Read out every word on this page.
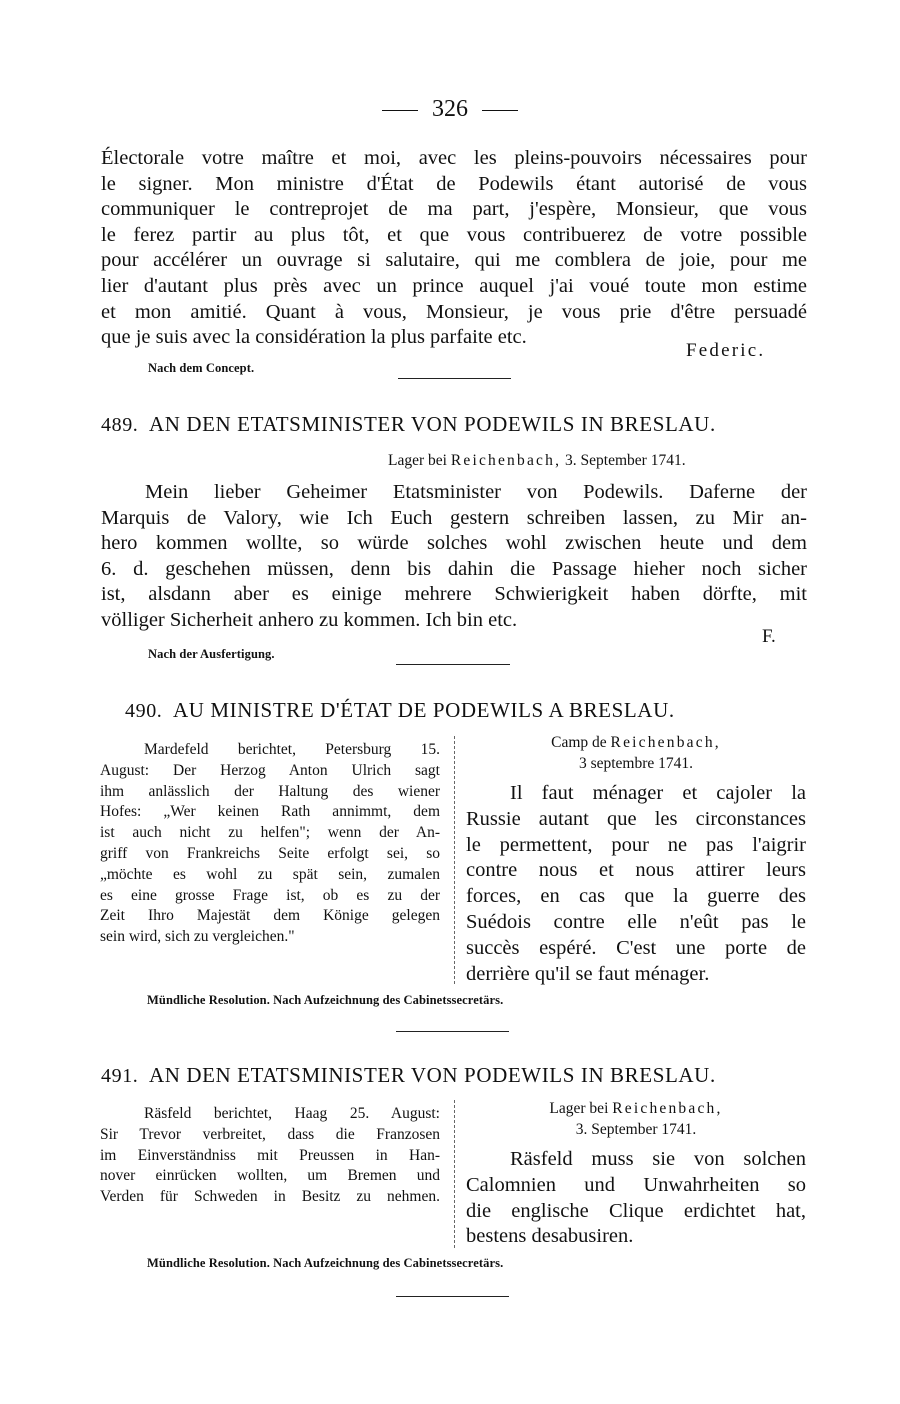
326
Électorale votre maître et moi, avec les pleins-pouvoirs nécessaires pour
le signer. Mon ministre d'État de Podewils étant autorisé de vous
communiquer le contreprojet de ma part, j'espère, Monsieur, que vous
le ferez partir au plus tôt, et que vous contribuerez de votre possible
pour accélérer un ouvrage si salutaire, qui me comblera de joie, pour me
lier d'autant plus près avec un prince auquel j'ai voué toute mon estime
et mon amitié. Quant à vous, Monsieur, je vous prie d'être persuadé
que je suis avec la considération la plus parfaite etc.
Federic.
Nach dem Concept.
489. AN DEN ETATSMINISTER VON PODEWILS IN BRESLAU.
Lager bei Reichenbach, 3. September 1741.
Mein lieber Geheimer Etatsminister von Podewils. Daferne der
Marquis de Valory, wie Ich Euch gestern schreiben lassen, zu Mir an-
hero kommen wollte, so würde solches wohl zwischen heute und dem
6. d. geschehen müssen, denn bis dahin die Passage hieher noch sicher
ist, alsdann aber es einige mehrere Schwierigkeit haben dörfte, mit
völliger Sicherheit anhero zu kommen. Ich bin etc.
F.
Nach der Ausfertigung.
490. AU MINISTRE D'ÉTAT DE PODEWILS A BRESLAU.
Mardefeld berichtet, Petersburg 15.
August: Der Herzog Anton Ulrich sagt
ihm anlässlich der Haltung des wiener
Hofes: „Wer keinen Rath annimmt, dem
ist auch nicht zu helfen"; wenn der An-
griff von Frankreichs Seite erfolgt sei, so
„möchte es wohl zu spät sein, zumalen
es eine grosse Frage ist, ob es zu der
Zeit Ihro Majestät dem Könige gelegen
sein wird, sich zu vergleichen."
Camp de Reichenbach,
3 septembre 1741.
Il faut ménager et cajoler la
Russie autant que les circonstances
le permettent, pour ne pas l'aigrir
contre nous et nous attirer leurs
forces, en cas que la guerre des
Suédois contre elle n'eût pas le
succès espéré. C'est une porte de
derrière qu'il se faut ménager.
Mündliche Resolution. Nach Aufzeichnung des Cabinetssecretärs.
491. AN DEN ETATSMINISTER VON PODEWILS IN BRESLAU.
Räsfeld berichtet, Haag 25. August:
Sir Trevor verbreitet, dass die Franzosen
im Einverständniss mit Preussen in Han-
nover einrücken wollten, um Bremen und
Verden für Schweden in Besitz zu nehmen.
Lager bei Reichenbach,
3. September 1741.
Räsfeld muss sie von solchen
Calomnien und Unwahrheiten so
die englische Clique erdichtet hat,
bestens desabusiren.
Mündliche Resolution. Nach Aufzeichnung des Cabinetssecretärs.
